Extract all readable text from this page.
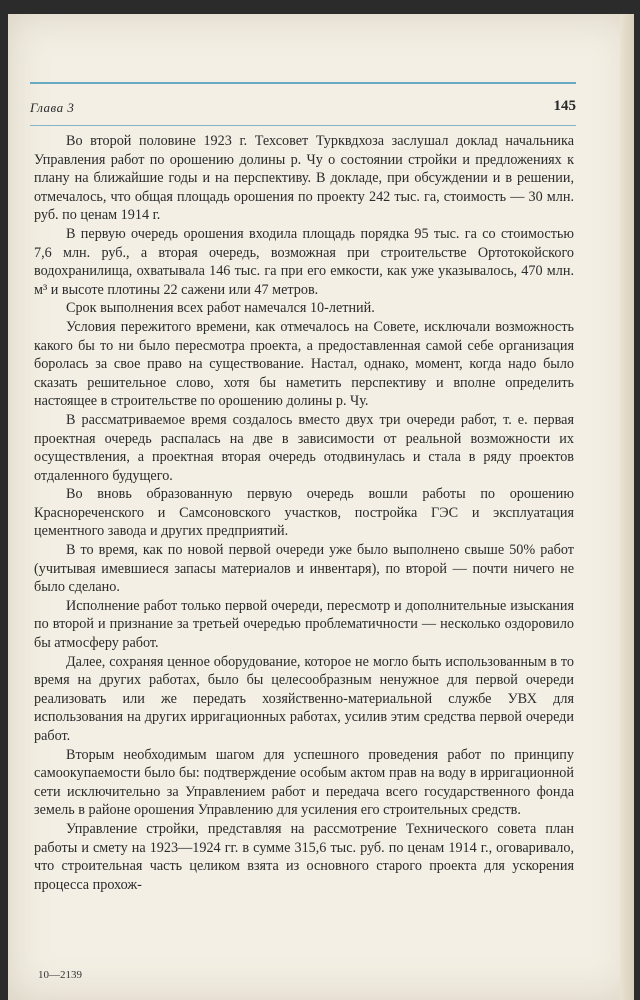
Глава 3	145

Во второй половине 1923 г. Техсовет Турквдхоза заслушал доклад начальника Управления работ по орошению долины р. Чу о состоянии стройки и предложениях к плану на ближайшие годы и на перспективу. В докладе, при обсуждении и в решении, отмечалось, что общая площадь орошения по проекту 242 тыс. га, стоимость — 30 млн. руб. по ценам 1914 г.

В первую очередь орошения входила площадь порядка 95 тыс. га со стоимостью 7,6 млн. руб., а вторая очередь, возможная при строительстве Ортотокойского водохранилища, охватывала 146 тыс. га при его емкости, как уже указывалось, 470 млн. м³ и высоте плотины 22 сажени или 47 метров.

Срок выполнения всех работ намечался 10-летний.

Условия пережитого времени, как отмечалось на Совете, исключали возможность какого бы то ни было пересмотра проекта, а предоставленная самой себе организация боролась за свое право на существование. Настал, однако, момент, когда надо было сказать решительное слово, хотя бы наметить перспективу и вполне определить настоящее в строительстве по орошению долины р. Чу.

В рассматриваемое время создалось вместо двух три очереди работ, т. е. первая проектная очередь распалась на две в зависимости от реальной возможности их осуществления, а проектная вторая очередь отодвинулась и стала в ряду проектов отдаленного будущего.

Во вновь образованную первую очередь вошли работы по орошению Краснореченского и Самсоновского участков, постройка ГЭС и эксплуатация цементного завода и других предприятий.

В то время, как по новой первой очереди уже было выполнено свыше 50% работ (учитывая имевшиеся запасы материалов и инвентаря), по второй — почти ничего не было сделано.

Исполнение работ только первой очереди, пересмотр и дополнительные изыскания по второй и признание за третьей очередью проблематичности — несколько оздоровило бы атмосферу работ.

Далее, сохраняя ценное оборудование, которое не могло быть использованным в то время на других работах, было бы целесообразным ненужное для первой очереди реализовать или же передать хозяйственно-материальной службе УВХ для использования на других ирригационных работах, усилив этим средства первой очереди работ.

Вторым необходимым шагом для успешного проведения работ по принципу самоокупаемости было бы: подтверждение особым актом прав на воду в ирригационной сети исключительно за Управлением работ и передача всего государственного фонда земель в районе орошения Управлению для усиления его строительных средств.

Управление стройки, представляя на рассмотрение Технического совета план работы и смету на 1923—1924 гг. в сумме 315,6 тыс. руб. по ценам 1914 г., оговаривало, что строительная часть целиком взята из основного старого проекта для ускорения процесса прохож-

10—2139
